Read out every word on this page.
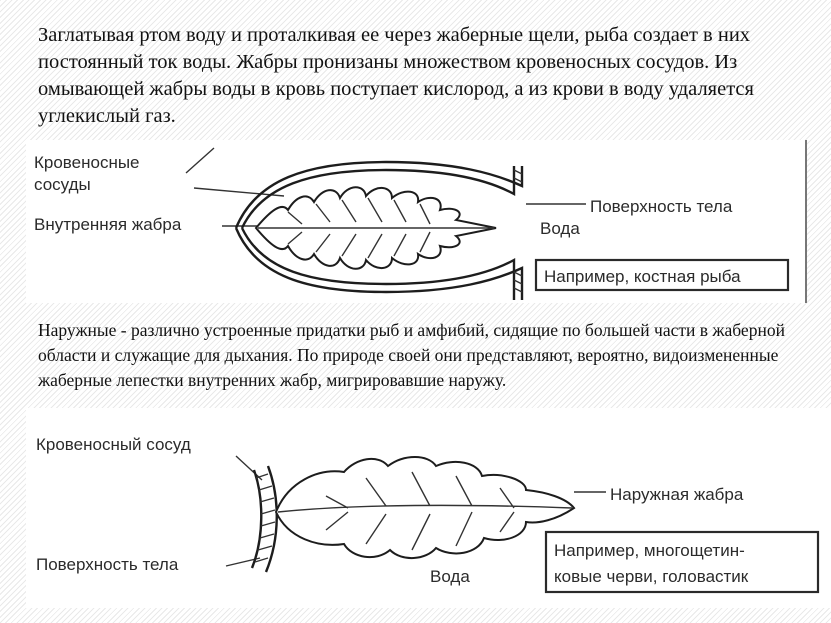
Заглатывая ртом воду и проталкивая ее через жаберные щели, рыба создает в них постоянный ток воды. Жабры пронизаны множеством кровеносных сосудов. Из омывающей жабры воды в кровь поступает кислород, а из крови в воду удаляется углекислый газ.
Кровеносные
сосуды
Внутренняя жабра
Поверхность тела
Вода
Например, костная рыба
Наружные - различно устроенные придатки рыб и амфибий, сидящие по большей части в жаберной области и служащие для дыхания. По природе своей они представляют, вероятно, видоизмененные жаберные лепестки внутренних жабр, мигрировавшие наружу.
Кровеносный сосуд
Наружная жабра
Поверхность тела
Вода
Например, многощетин-
ковые черви, головастик
